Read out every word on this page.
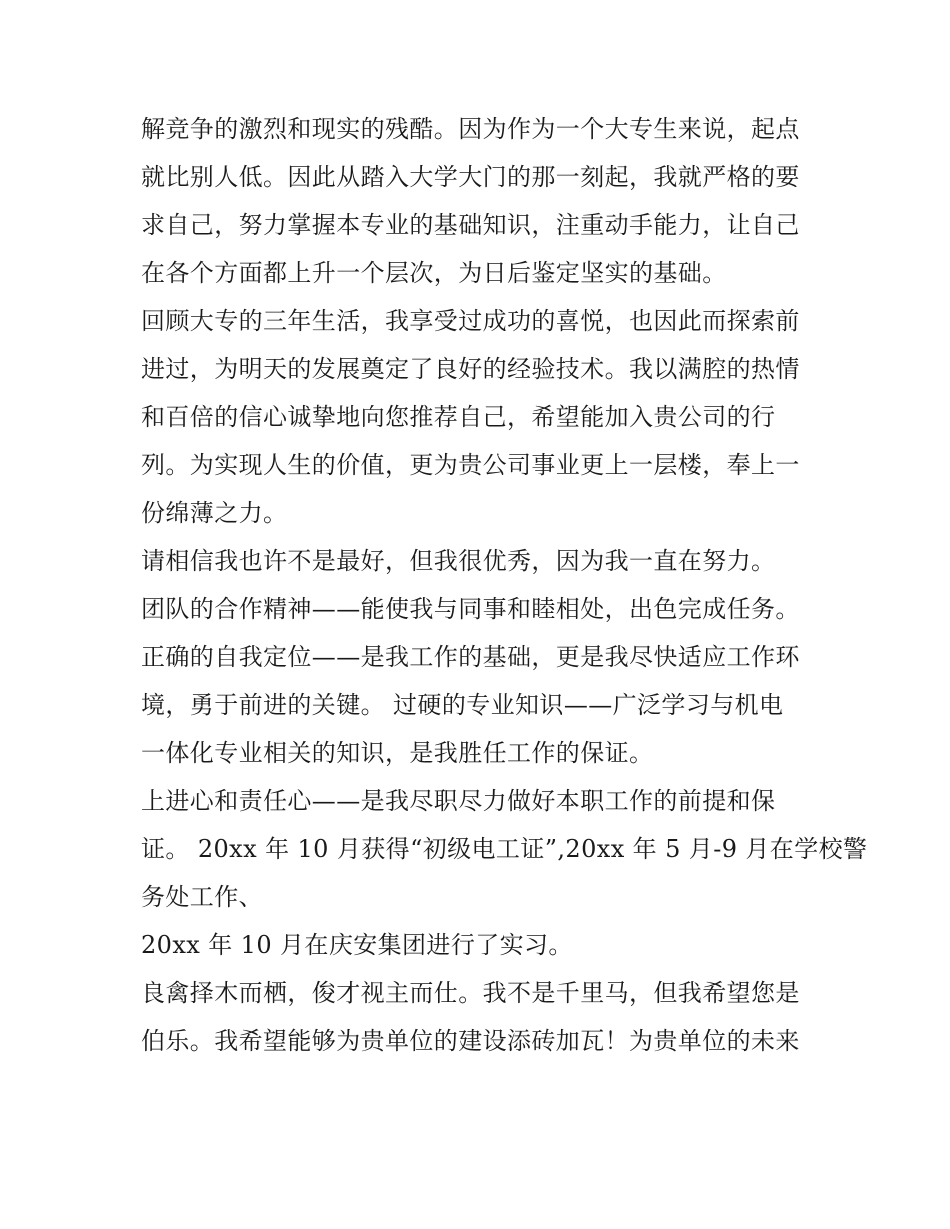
解竞争的激烈和现实的残酷。因为作为一个大专生来说，起点
就比别人低。因此从踏入大学大门的那一刻起，我就严格的要
求自己，努力掌握本专业的基础知识，注重动手能力，让自己
在各个方面都上升一个层次，为日后鉴定坚实的基础。
回顾大专的三年生活，我享受过成功的喜悦，也因此而探索前
进过，为明天的发展奠定了良好的经验技术。我以满腔的热情
和百倍的信心诚挚地向您推荐自己，希望能加入贵公司的行
列。为实现人生的价值，更为贵公司事业更上一层楼，奉上一
份绵薄之力。
请相信我也许不是最好，但我很优秀，因为我一直在努力。
团队的合作精神——能使我与同事和睦相处，出色完成任务。
正确的自我定位——是我工作的基础，更是我尽快适应工作环
境，勇于前进的关键。 过硬的专业知识——广泛学习与机电
一体化专业相关的知识，是我胜任工作的保证。
上进心和责任心——是我尽职尽力做好本职工作的前提和保
证。 20xx 年 10 月获得“初级电工证”,20xx 年 5 月-9 月在学校警
务处工作、
20xx 年 10 月在庆安集团进行了实习。
良禽择木而栖，俊才视主而仕。我不是千里马，但我希望您是
伯乐。我希望能够为贵单位的建设添砖加瓦！为贵单位的未来
